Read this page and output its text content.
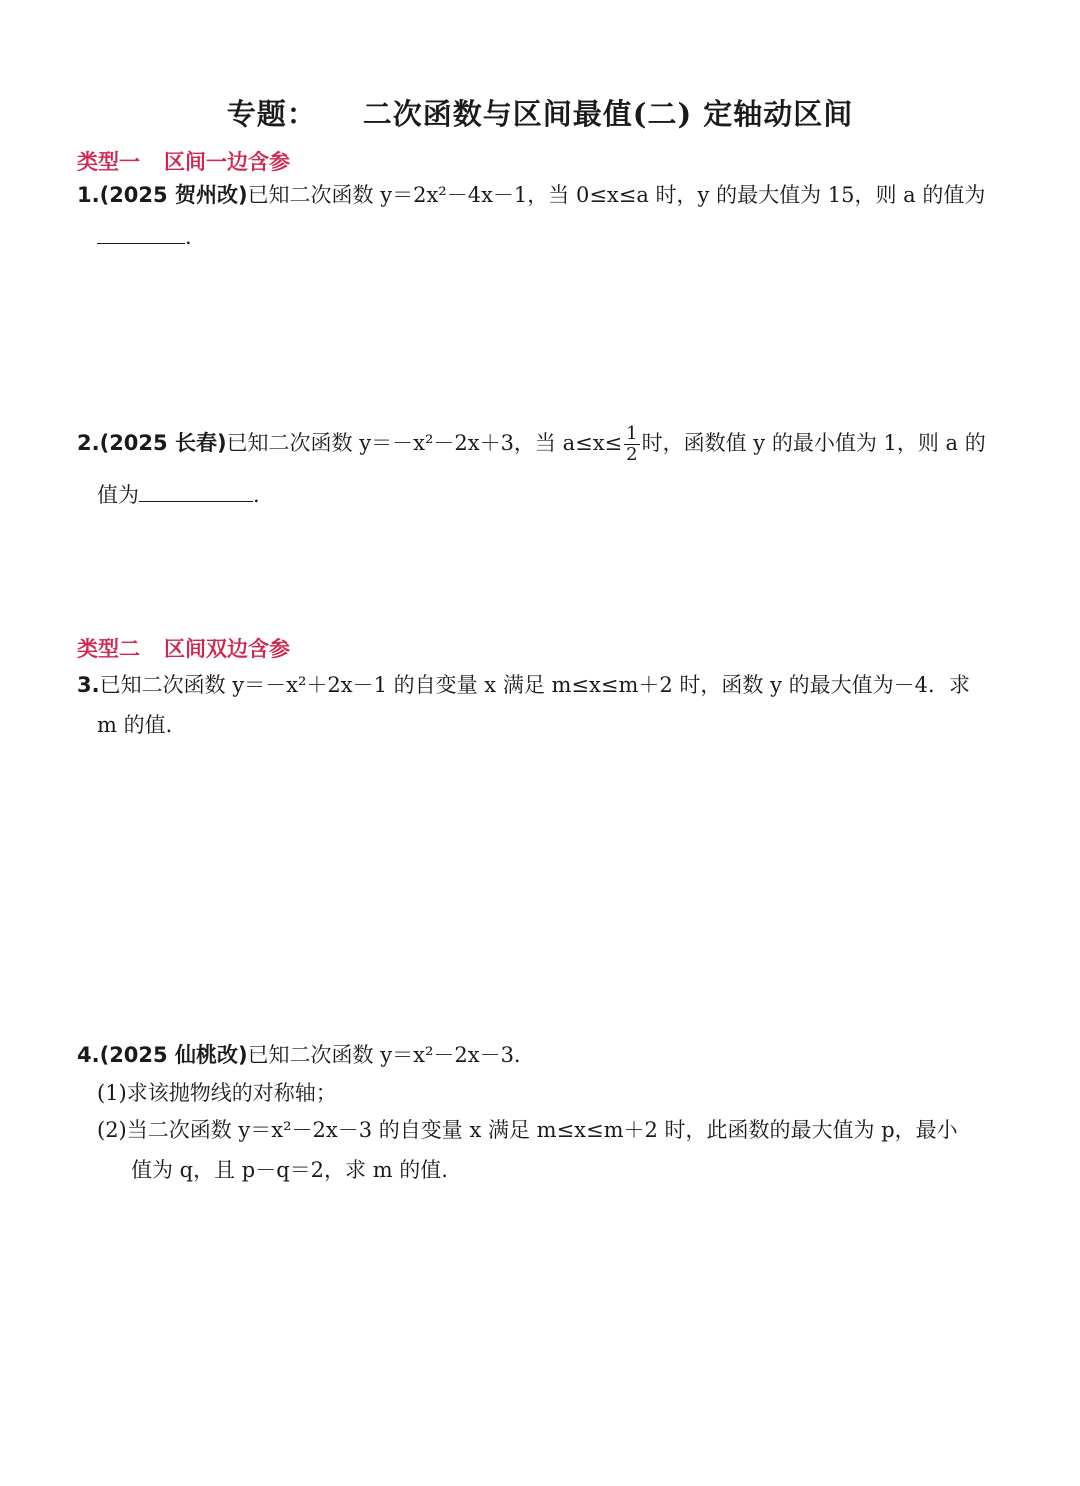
专题： 二次函数与区间最值(二) 定轴动区间
类型一 区间一边含参
1.(2025 贺州改)已知二次函数 y＝2x²－4x－1，当 0≤x≤a 时，y 的最大值为 15，则 a 的值为
.
2.(2025 长春)已知二次函数 y＝－x²－2x＋3，当 $a\le x\le \frac{1}{2}$ 时，函数值 y 的最小值为 1，则 a 的
值为	.
类型二 区间双边含参
3.已知二次函数 y＝－x²＋2x－1 的自变量 x 满足 m≤x≤m＋2 时，函数 y 的最大值为－4．求
m 的值.
4.(2025 仙桃改)已知二次函数 y＝x²－2x－3.
(1)求该抛物线的对称轴；
(2)当二次函数 y＝x²－2x－3 的自变量 x 满足 m≤x≤m＋2 时，此函数的最大值为 p，最小
值为 q，且 p－q＝2，求 m 的值.
